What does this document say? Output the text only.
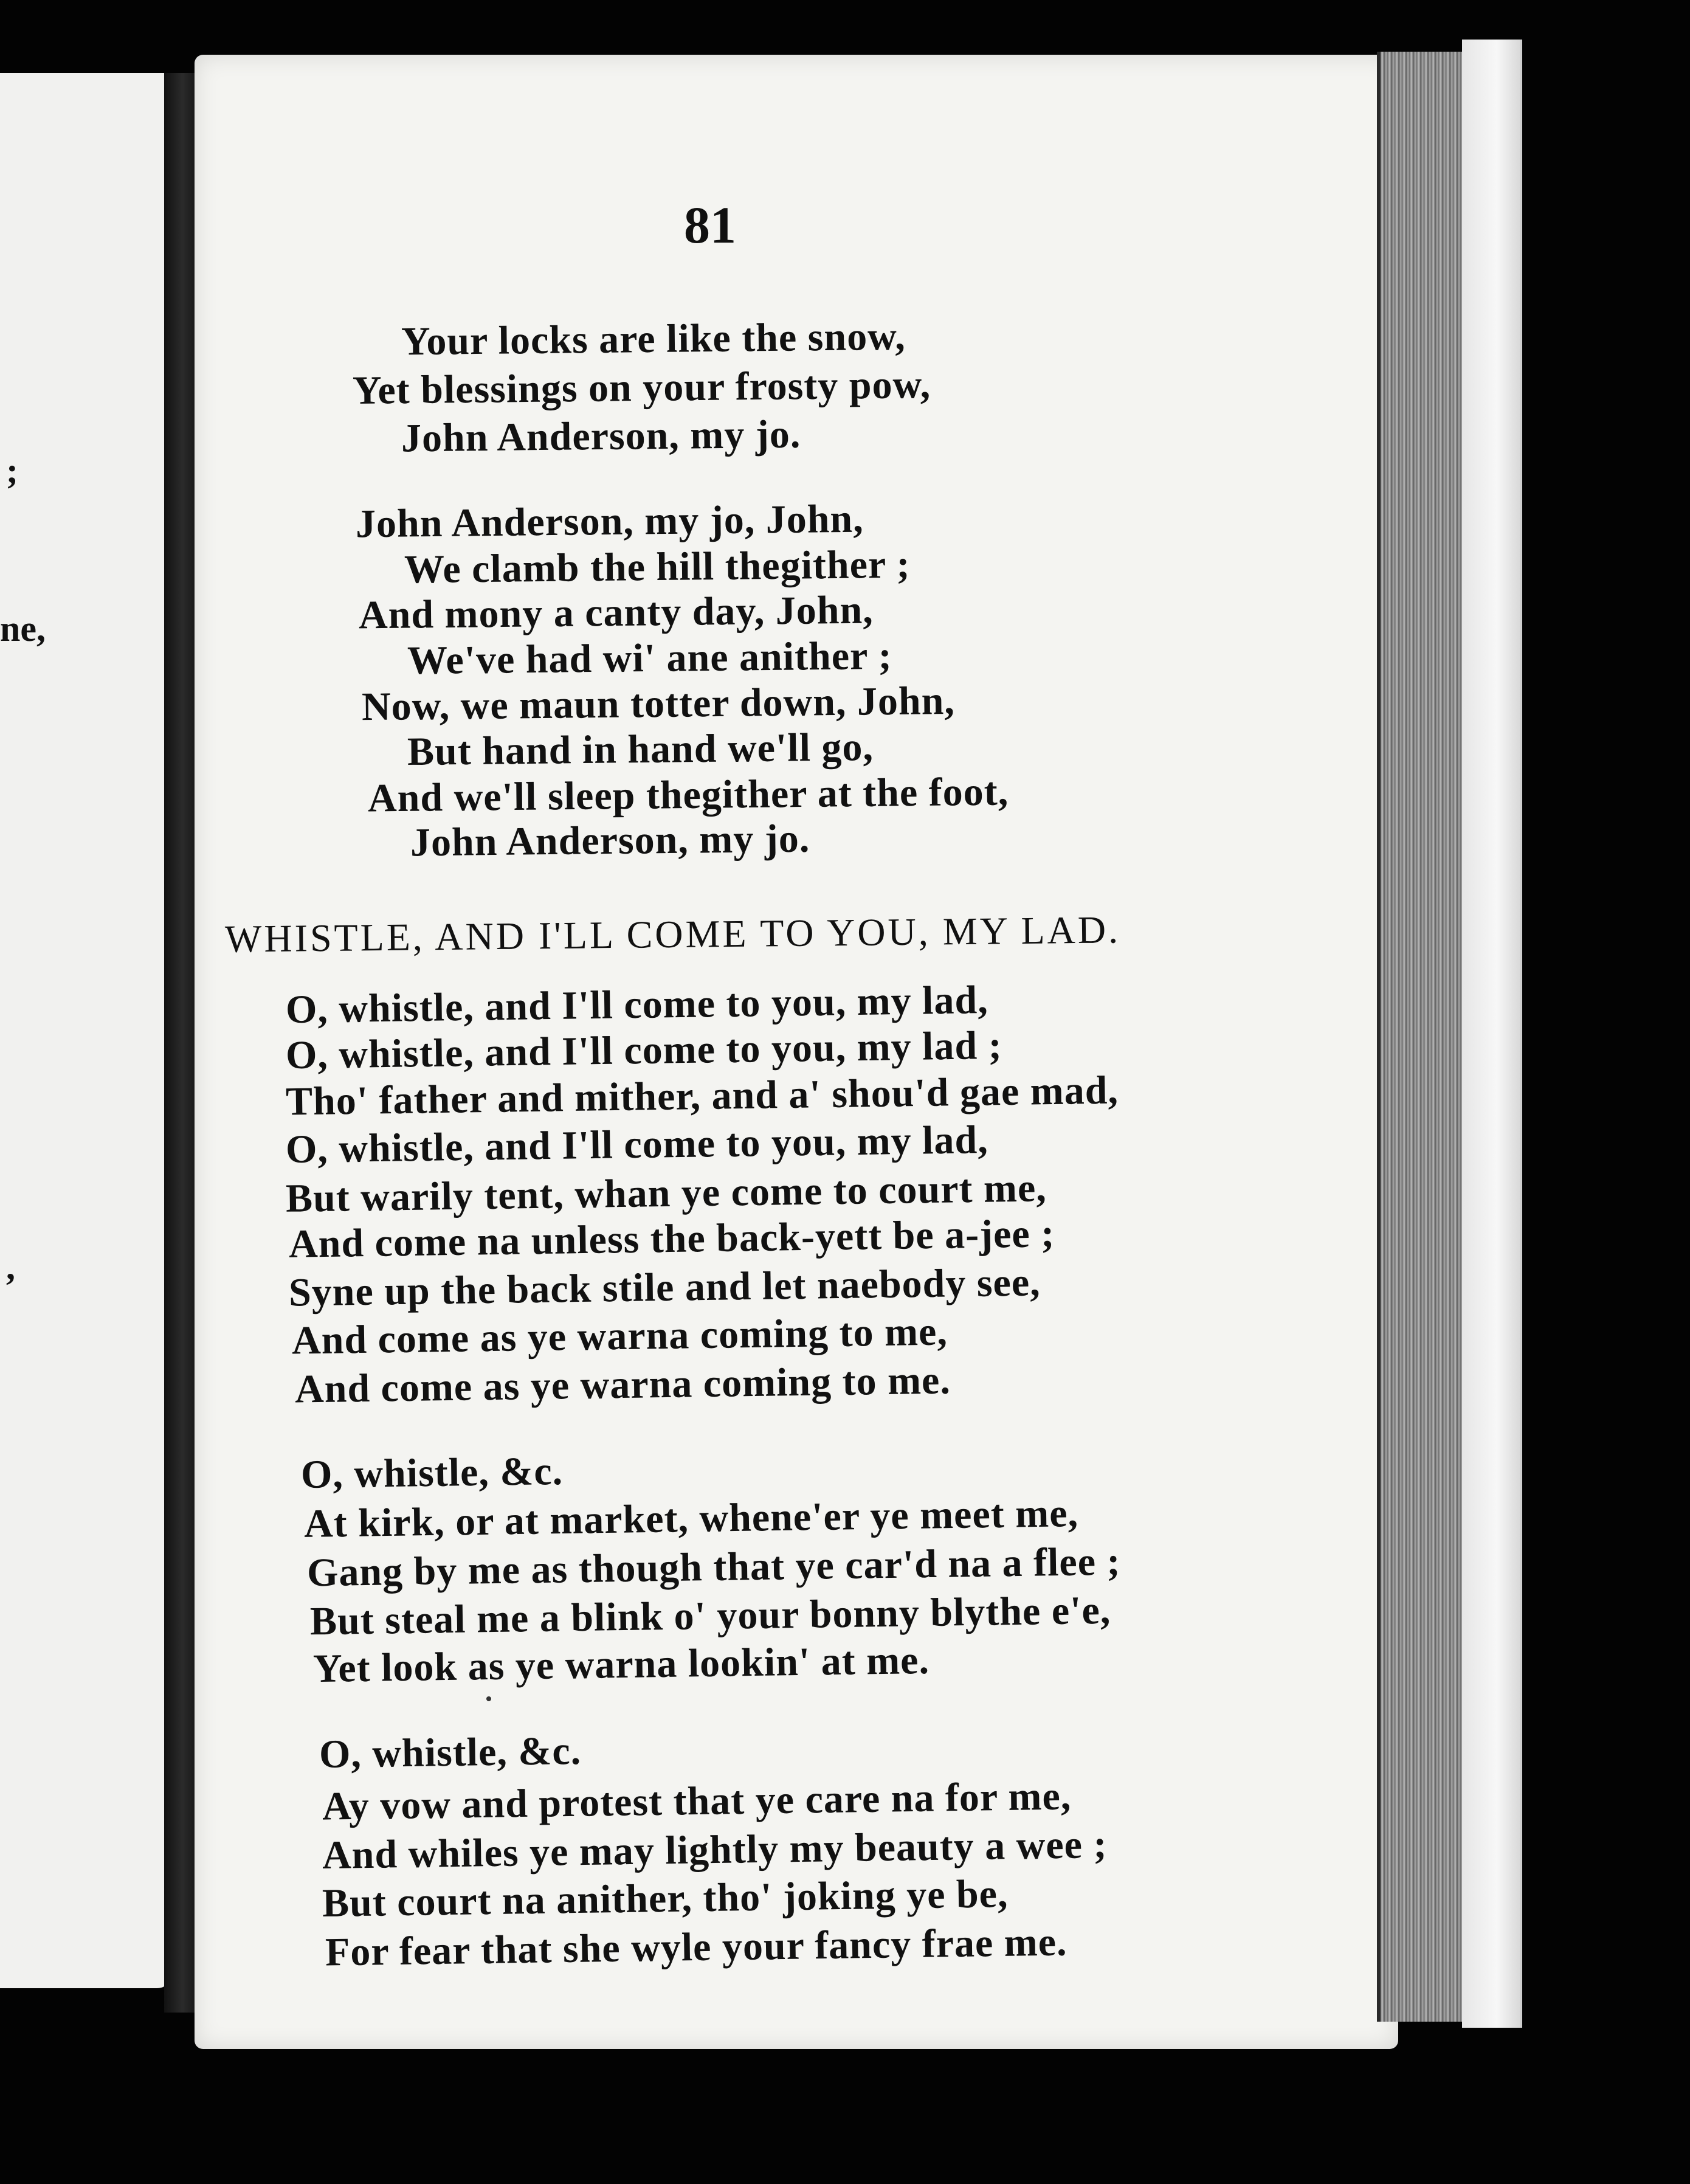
;
ne,
,
81
Your locks are like the snow,
Yet blessings on your frosty pow,
John Anderson, my jo.
John Anderson, my jo, John,
We clamb the hill thegither ;
And mony a canty day, John,
We've had wi' ane anither ;
Now, we maun totter down, John,
But hand in hand we'll go,
And we'll sleep thegither at the foot,
John Anderson, my jo.
WHISTLE, AND I'LL COME TO YOU, MY LAD.
O, whistle, and I'll come to you, my lad,
O, whistle, and I'll come to you, my lad ;
Tho' father and mither, and a' shou'd gae mad,
O, whistle, and I'll come to you, my lad,
But warily tent, whan ye come to court me,
And come na unless the back-yett be a-jee ;
Syne up the back stile and let naebody see,
And come as ye warna coming to me,
And come as ye warna coming to me.
O, whistle, &c.
At kirk, or at market, whene'er ye meet me,
Gang by me as though that ye car'd na a flee ;
But steal me a blink o' your bonny blythe e'e,
Yet look as ye warna lookin' at me.
O, whistle, &c.
Ay vow and protest that ye care na for me,
And whiles ye may lightly my beauty a wee ;
But court na anither, tho' joking ye be,
For fear that she wyle your fancy frae me.
